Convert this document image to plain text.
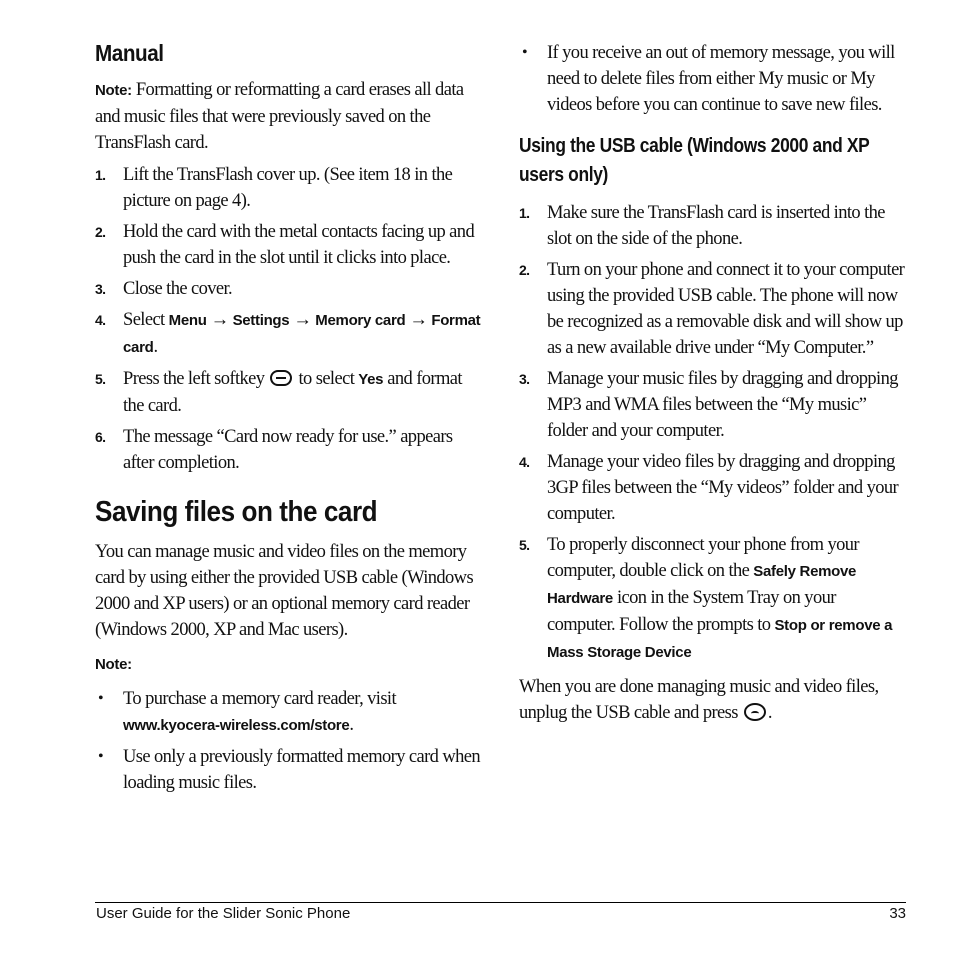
Manual

Note: Formatting or reformatting a card erases all data and music files that were previously saved on the TransFlash card.

1. Lift the TransFlash cover up. (See item 18 in the picture on page 4).
2. Hold the card with the metal contacts facing up and push the card in the slot until it clicks into place.
3. Close the cover.
4. Select Menu → Settings → Memory card → Format card.
5. Press the left softkey  to select Yes and format the card.
6. The message “Card now ready for use.” appears after completion.
Saving files on the card

You can manage music and video files on the memory card by using either the provided USB cable (Windows 2000 and XP users) or an optional memory card reader (Windows 2000, XP and Mac users).

Note:

• To purchase a memory card reader, visit www.kyocera-wireless.com/store.
• Use only a previously formatted memory card when loading music files.
• If you receive an out of memory message, you will need to delete files from either My music or My videos before you can continue to save new files.
Using the USB cable (Windows 2000 and XP users only)
1. Make sure the TransFlash card is inserted into the slot on the side of the phone.
2. Turn on your phone and connect it to your computer using the provided USB cable. The phone will now be recognized as a removable disk and will show up as a new available drive under “My Computer.”
3. Manage your music files by dragging and dropping MP3 and WMA files between the “My music” folder and your computer.
4. Manage your video files by dragging and dropping 3GP files between the “My videos” folder and your computer.
5. To properly disconnect your phone from your computer, double click on the Safely Remove Hardware icon in the System Tray on your computer. Follow the prompts to Stop or remove a Mass Storage Device

When you are done managing music and video files, unplug the USB cable and press .

User Guide for the Slider Sonic Phone	33
